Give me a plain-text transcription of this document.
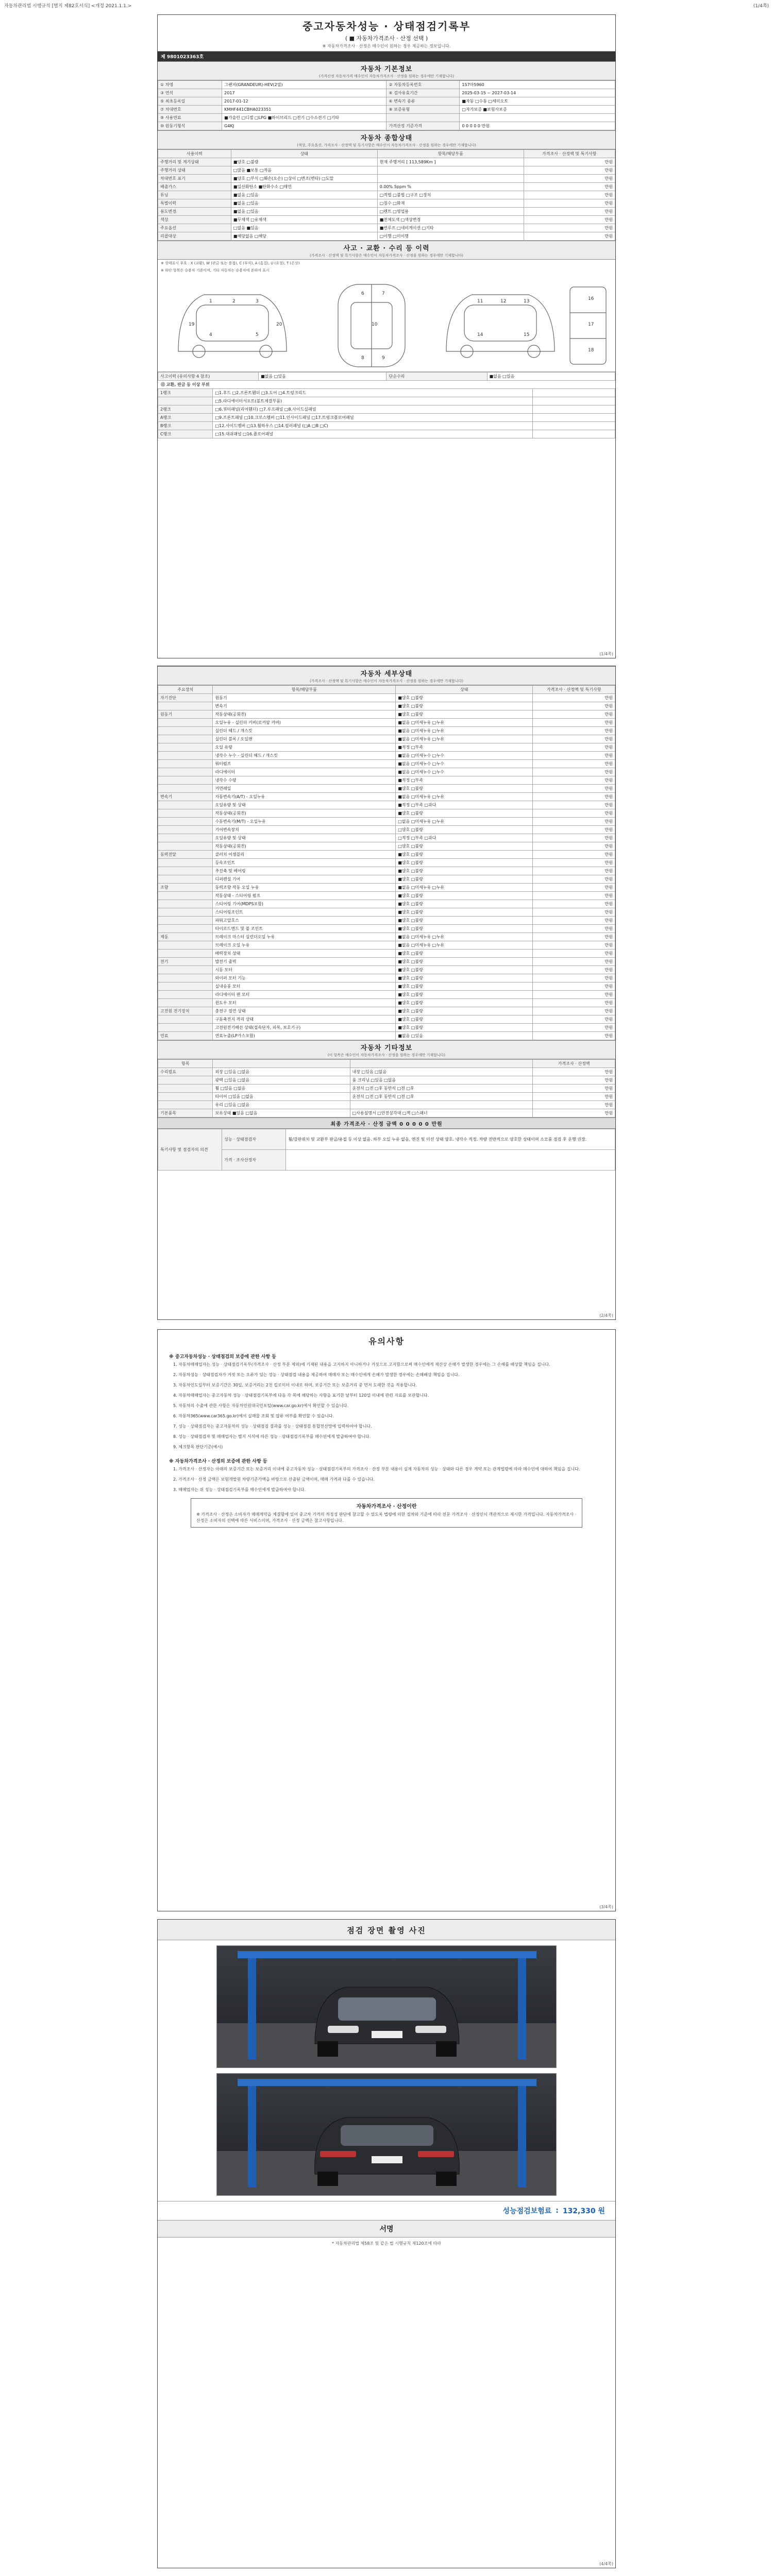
자동차관리법 시행규칙 [별지 제82호서식] <개정 2021.1.1.>	(1/4쪽)
중고자동차성능 · 상태점검기록부
( ■ 자동차가격조사 · 산정 선택 )
※ 자동차가격조사 · 산정은 매수인이 원하는 경우 제공하는 정보입니다.
제 9801023363호
자동차 기본정보
(가격산정 자동차가격 매수인이 자동차가격조사 · 산정을 원하는 경우에만 기재합니다)
① 차명	그랜저(GRANDEUR)-HEV(2열)	② 자동차등록번호	157마5960
③ 연식	2017	④ 검사유효기간	2025-03-15 ~ 2027-03-14
⑤ 최초등록일	2017-01-12	⑥ 변속기 종류	■자동 □수동 □세미오토
⑦ 차대번호	KMHF441CBHA023351	⑧ 보증유형	□자가보증 ■보험사보증
⑨ 사용연료	■가솔린 □디젤 □LPG ■하이브리드 □전기 □수소전기 □기타		
⑩ 원동기형식	G4KJ	가격산정 기준가격	0 0 0 0 0 만원
자동차 종합상태
(색상, 주요옵션, 가격조사 · 산정액 및 특기사항은 매수인이 자동차가격조사 · 산정을 원하는 경우에만 기재합니다)
사용이력	상태	항목/해당부품	가격조사 · 산정액 및 특기사항
주행거리 및 계기상태	■양호 □불량	현재 주행거리 [ 113,589Km ]	만원
주행거리 상태	□많음 ■보통 □적음		만원
차대번호 표기	■양호 □부식 □훼손(오손) □상이 □변조(변타) □도말		만원
배출가스	■일산화탄소 ■탄화수소 □매연	0.00% 5ppm %	만원
튜닝	■없음 □있음	□적법 □불법 □구조 □장치	만원
특별이력	■없음 □있음	□침수 □화재	만원
용도변경	■없음 □있음	□렌트 □영업용	만원
색상	■무채색 □유채색	■전체도색 □색상변경	만원
주요옵션	□없음 ■있음	■썬루프 □네비게이션 □기타	만원
리콜대상	■해당없음 □해당	□이행 □미이행	만원
사고 · 교환 · 수리 등 이력
(가격조사 · 산정액 및 특기사항은 매수인이 자동차가격조사 · 산정을 원하는 경우에만 기재합니다)
※ 상태표시 부호 : X (교환), W (판금 또는 용접), C (부식), A (흠집), U (요철), T (손상)
※ 하단 항목은 승용차 기준이며, 기타 자동차는 승용차에 준하여 표시
1	2	3
4	5
6	7
8	9
10
11	12	13
14	15
16
17
18
19	20
사고이력 (유의사항 4 참조)	■없음 □있음	단순수리	■없음 □있음
⑫ 교환, 판금 등 이상 부위
1랭크	□1.후드 □2.프론트휀더 □3.도어 □4.트렁크리드	
	□5.라디에이터서포트(볼트체결부품)	
2랭크	□6.쿼터패널(리어휀더) □7.루프패널 □8.사이드실패널	
A랭크	□9.프론트패널 □10.크로스멤버 □11.인사이드패널 □17.트렁크플로어패널	
B랭크	□12.사이드멤버 □13.휠하우스 □14.필러패널 (□A □B □C)	
C랭크	□15.대쉬패널 □16.플로어패널	
(1/4쪽)
자동차 세부상태
(가격조사 · 산정액 및 특기사항은 매수인이 자동차가격조사 · 산정을 원하는 경우에만 기재합니다)
주요장치	항목/해당부품	상태	가격조사 · 산정액 및 특기사항
자기진단	원동기	■양호 □불량	만원
	변속기	■양호 □불량	만원
원동기	작동상태(공회전)	■양호 □불량	만원
	오일누유 - 실린더 커버(로커암 커버)	■없음 □미세누유 □누유	만원
	실린더 헤드 / 개스킷	■없음 □미세누유 □누유	만원
	실린더 블록 / 오일팬	■없음 □미세누유 □누유	만원
	오일 유량	■적정 □부족	만원
	냉각수 누수 - 실린더 헤드 / 개스킷	■없음 □미세누수 □누수	만원
	워터펌프	■없음 □미세누수 □누수	만원
	라디에이터	■없음 □미세누수 □누수	만원
	냉각수 수량	■적정 □부족	만원
	커먼레일	■양호 □불량	만원
변속기	자동변속기(A/T) - 오일누유	■없음 □미세누유 □누유	만원
	오일유량 및 상태	■적정 □부족 □과다	만원
	작동상태(공회전)	■양호 □불량	만원
	수동변속기(M/T) - 오일누유	□없음 □미세누유 □누유	만원
	기어변속장치	□양호 □불량	만원
	오일유량 및 상태	□적정 □부족 □과다	만원
	작동상태(공회전)	□양호 □불량	만원
동력전달	클러치 어셈블리	■양호 □불량	만원
	등속조인트	■양호 □불량	만원
	추진축 및 베어링	■양호 □불량	만원
	디퍼렌셜 기어	■양호 □불량	만원
조향	동력조향 작동 오일 누유	■없음 □미세누유 □누유	만원
	작동상태 - 스티어링 펌프	■양호 □불량	만원
	스티어링 기어(MDPS포함)	■양호 □불량	만원
	스티어링조인트	■양호 □불량	만원
	파워고압호스	■양호 □불량	만원
	타이로드엔드 및 볼 조인트	■양호 □불량	만원
제동	브레이크 마스터 실린더오일 누유	■없음 □미세누유 □누유	만원
	브레이크 오일 누유	■없음 □미세누유 □누유	만원
	배력장치 상태	■양호 □불량	만원
전기	발전기 출력	■양호 □불량	만원
	시동 모터	■양호 □불량	만원
	와이퍼 모터 기능	■양호 □불량	만원
	실내송풍 모터	■양호 □불량	만원
	라디에이터 팬 모터	■양호 □불량	만원
	윈도우 모터	■양호 □불량	만원
고전원 전기장치	충전구 절연 상태	■양호 □불량	만원
	구동축전지 격리 상태	■양호 □불량	만원
	고전원전기배선 상태(접속단자, 피복, 보호기구)	■양호 □불량	만원
연료	연료누출(LP가스포함)	■없음 □있음	만원
자동차 기타정보
(이 항목은 매수인이 자동차가격조사 · 산정을 원하는 경우에만 기재합니다)
항목			가격조사 · 산정액
수리필요	외장 □있음 □없음	내장 □있음 □없음	만원
	광택 □있음 □없음	룸 크리닝 □있음 □없음	만원
	휠 □있음 □없음	운전석 □전 □후 동반석 □전 □후	만원
	타이어 □있음 □없음	운전석 □전 □후 동반석 □전 □후	만원
	유리 □있음 □없음		만원
기본품목	보유상태 ■있음 □없음	□사용설명서 □안전삼각대 □잭 □스패너	만원
최종 가격조사 · 산정 금액 0 0 0 0 0 만원
특기사항 및 점검자의 의견	성능 · 상태점검자	휠/강판위치 및 교환부 판금/용접 등 이상 없음. 하부 오일 누유 없음, 엔진 및 미션 상태 양호. 냉각수 적정. 차량 전반적으로 양호한 상태이며 소모품 점검 후 운행 권장.
	가격 · 조사산정자	
(2/4쪽)
유의사항
※ 중고자동차성능 · 상태점검의 보증에 관한 사항 등
1. 자동차매매업자는 성능 · 상태점검기록부(가격조사 · 산정 부분 제외)에 기재된 내용을 고지하지 아니하거나 거짓으로 고지함으로써 매수인에게 재산상 손해가 발생한 경우에는 그 손해를 배상할 책임을 집니다.
2. 자동차성능 · 상태점검자가 거짓 또는 오류가 있는 성능 · 상태점검 내용을 제공하여 매매자 또는 매수인에게 손해가 발생한 경우에는 손해배상 책임을 집니다.
3. 자동차인도일부터 보증기간은 30일, 보증거리는 2천 킬로미터 이내로 하며, 보증기간 또는 보증거리 중 먼저 도래한 것을 적용합니다.
4. 자동차매매업자는 중고자동차 성능 · 상태점검기록부에 다음 각 목에 해당하는 사항을 표기한 날부터 120일 이내에 관련 자료를 보관합니다.
5. 자동차의 수출에 관한 사항은 자동차민원대국민포털(www.car.go.kr)에서 확인할 수 있습니다.
6. 자동차365(www.car365.go.kr)에서 실매물 조회 및 압류 여부를 확인할 수 있습니다.
7. 성능 · 상태점검자는 중고자동차의 성능 · 상태점검 결과를 성능 · 상태점검 통합전산망에 입력하여야 합니다.
8. 성능 · 상태점검자 및 매매업자는 별지 서식에 따른 성능 · 상태점검기록부를 매수인에게 발급하여야 합니다.
9. 체크항목 판단기준(예시)
※ 자동차가격조사 · 산정의 보증에 관한 사항 등
1. 가격조사 · 산정자는 아래의 보증기간 또는 보증거리 이내에 중고자동차 성능 · 상태점검기록부의 가격조사 · 산정 부분 내용이 실제 자동차의 성능 · 상태와 다른 경우 계약 또는 관계법령에 따라 매수인에 대하여 책임을 집니다.
2. 가격조사 · 산정 금액은 보험개발원 차량기준가액을 바탕으로 산출된 금액이며, 매매 가격과 다를 수 있습니다.
3. 매매업자는 위 성능 · 상태점검기록부를 매수인에게 발급하여야 합니다.
자동차가격조사 · 산정이란
※ 가격조사 · 산정은 소비자가 매매계약을 체결함에 있어 중고차 가격의 적정성 판단에 참고할 수 있도록 법령에 의한 절차와 기준에 따라 전문 가격조사 · 산정인이 객관적으로 제시한 가격입니다. 자동차가격조사 · 산정은 소비자의 선택에 따른 서비스이며, 가격조사 · 산정 금액은 참고사항입니다.
(3/4쪽)
점검 장면 촬영 사진
성능점검보험료 : 132,330 원
서명
* 자동차관리법 제58조 및 같은 법 시행규칙 제120조에 따라
(4/4쪽)
